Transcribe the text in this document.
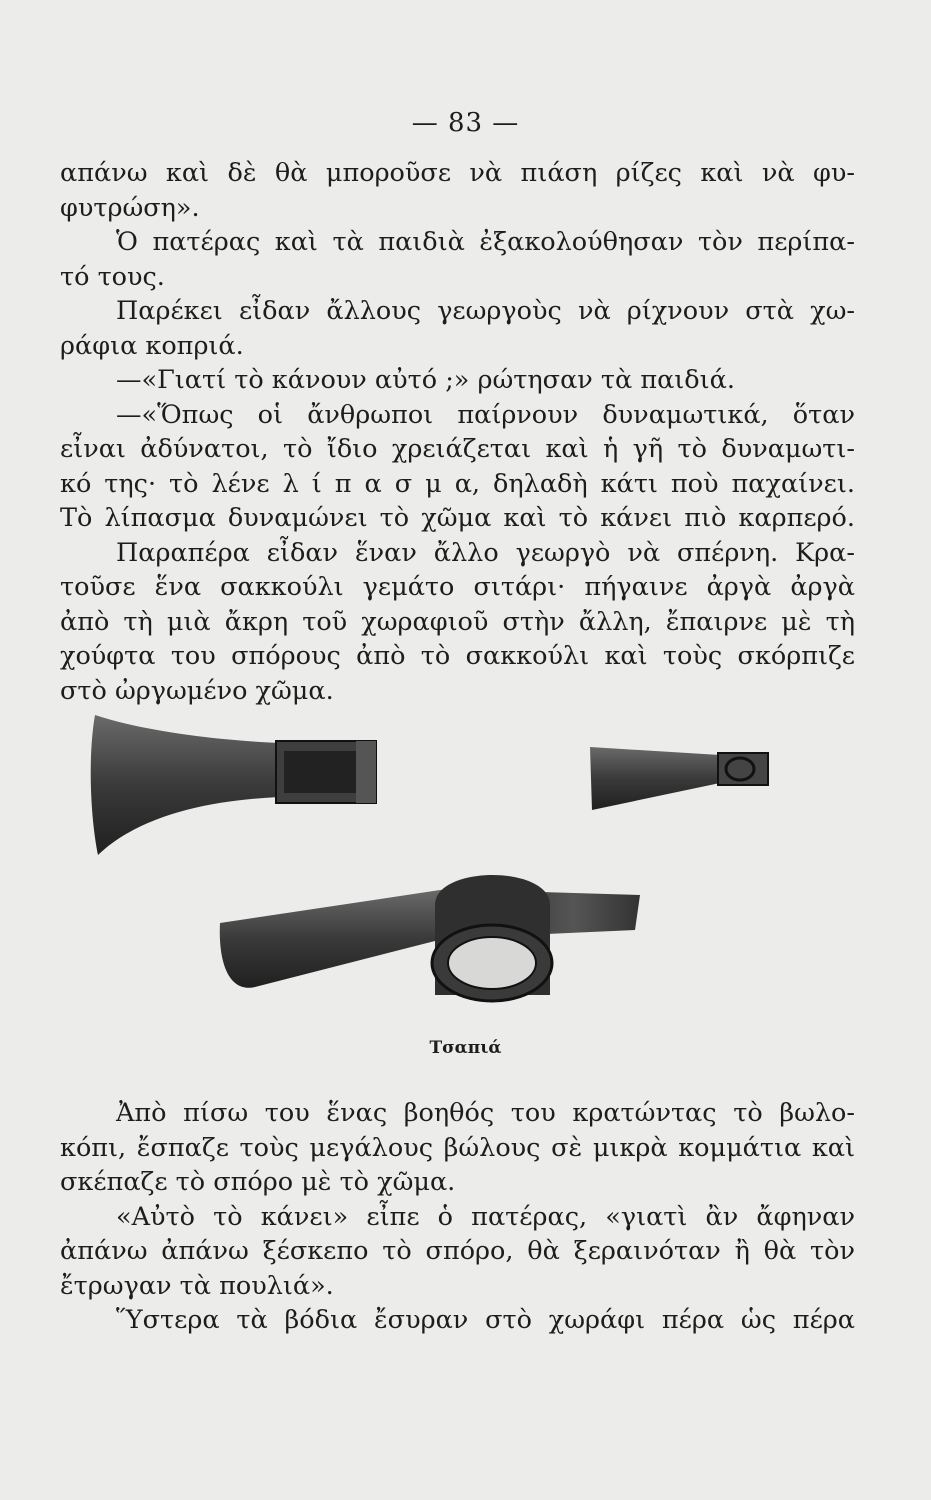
— 83 —
απάνω καὶ δὲ θὰ μποροῦσε νὰ πιάση ρίζες καὶ νὰ φυ-
φυτρώση».
Ὁ πατέρας καὶ τὰ παιδιὰ ἐξακολούθησαν τὸν περίπα-
τό τους.
Παρέκει εἶδαν ἄλλους γεωργοὺς νὰ ρίχνουν στὰ χω-
ράφια κοπριά.
—«Γιατί τὸ κάνουν αὐτό ;» ρώτησαν τὰ παιδιά.
—«Ὅπως οἱ ἄνθρωποι παίρνουν δυναμωτικά, ὅταν
εἶναι ἀδύνατοι, τὸ ἴδιο χρειάζεται καὶ ἡ γῆ τὸ δυναμωτι-
κό της· τὸ λένε λ ί π α σ μ α, δηλαδὴ κάτι ποὺ παχαίνει.
Τὸ λίπασμα δυναμώνει τὸ χῶμα καὶ τὸ κάνει πιὸ καρπερό.
Παραπέρα εἶδαν ἕναν ἄλλο γεωργὸ νὰ σπέρνη. Κρα-
τοῦσε ἕνα σακκούλι γεμάτο σιτάρι· πήγαινε ἀργὰ ἀργὰ
ἀπὸ τὴ μιὰ ἄκρη τοῦ χωραφιοῦ στὴν ἄλλη, ἔπαιρνε μὲ τὴ
χούφτα του σπόρους ἀπὸ τὸ σακκούλι καὶ τοὺς σκόρπιζε
στὸ ὠργωμένο χῶμα.
Τσαπιά
Ἀπὸ πίσω του ἕνας βοηθός του κρατώντας τὸ βωλο-
κόπι, ἔσπαζε τοὺς μεγάλους βώλους σὲ μικρὰ κομμάτια καὶ
σκέπαζε τὸ σπόρο μὲ τὸ χῶμα.
«Αὐτὸ τὸ κάνει» εἶπε ὁ πατέρας, «γιατὶ ἂν ἄφηναν
ἀπάνω ἀπάνω ξέσκεπο τὸ σπόρο, θὰ ξεραινόταν ἢ θὰ τὸν
ἔτρωγαν τὰ πουλιά».
Ὕστερα τὰ βόδια ἔσυραν στὸ χωράφι πέρα ὡς πέρα
